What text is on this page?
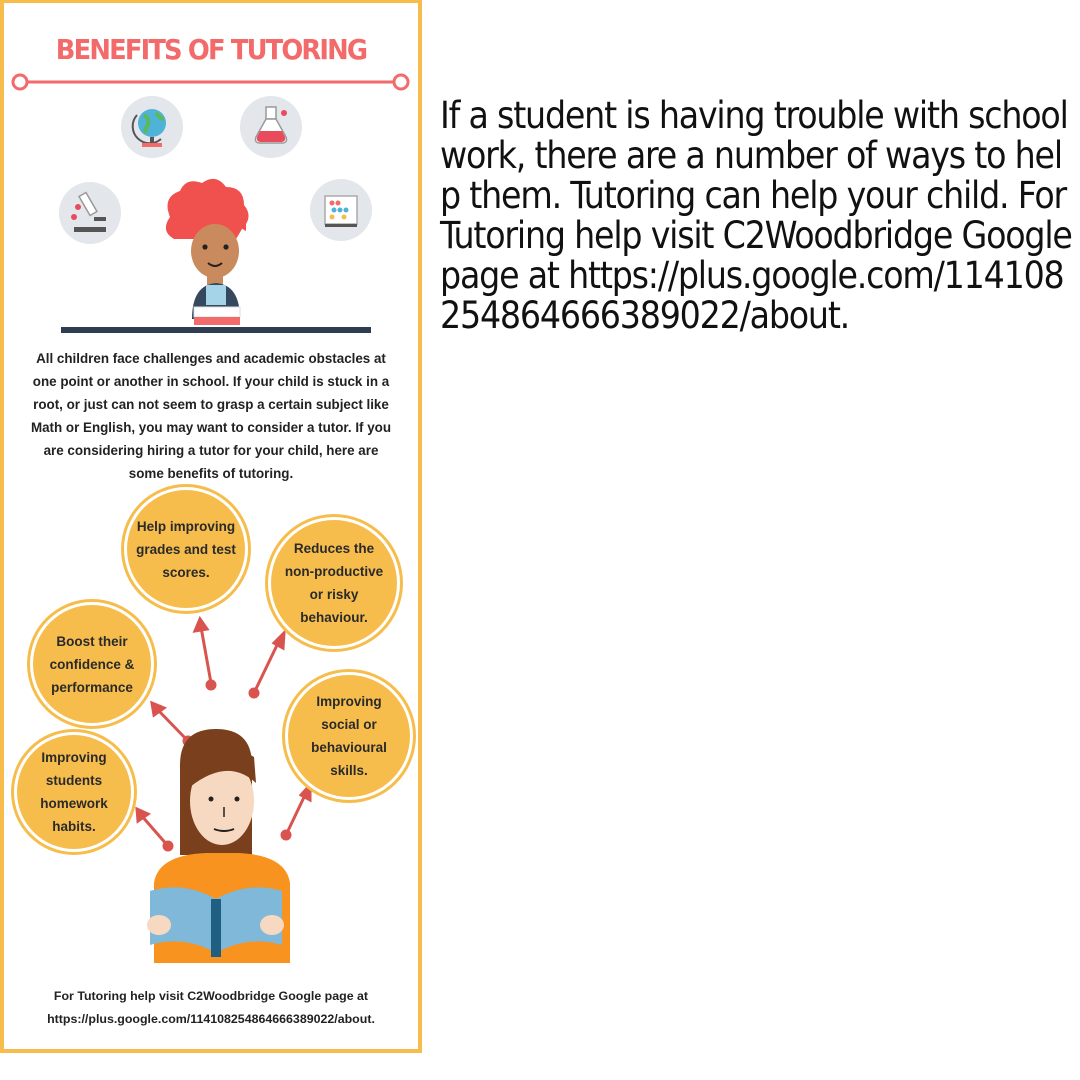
BENEFITS OF TUTORING
All children face challenges and academic obstacles at one point or another in school. If your child is stuck in a root, or just can not seem to grasp a certain subject like Math or English, you may want to consider a tutor. If you are considering hiring a tutor for your child, here are some benefits of tutoring.
Help improving grades and test scores.
Reduces the non-productive or risky behaviour.
Boost their confidence & performance
Improving social or behavioural skills.
Improving students homework habits.
For Tutoring help visit C2Woodbridge Google page at
https://plus.google.com/114108254864666389022/about.
If a student is having trouble with school work, there are a number of ways to help them. Tutoring can help your child. For Tutoring help visit C2Woodbridge Google page at https://plus.google.com/114108254864666389022/about.
